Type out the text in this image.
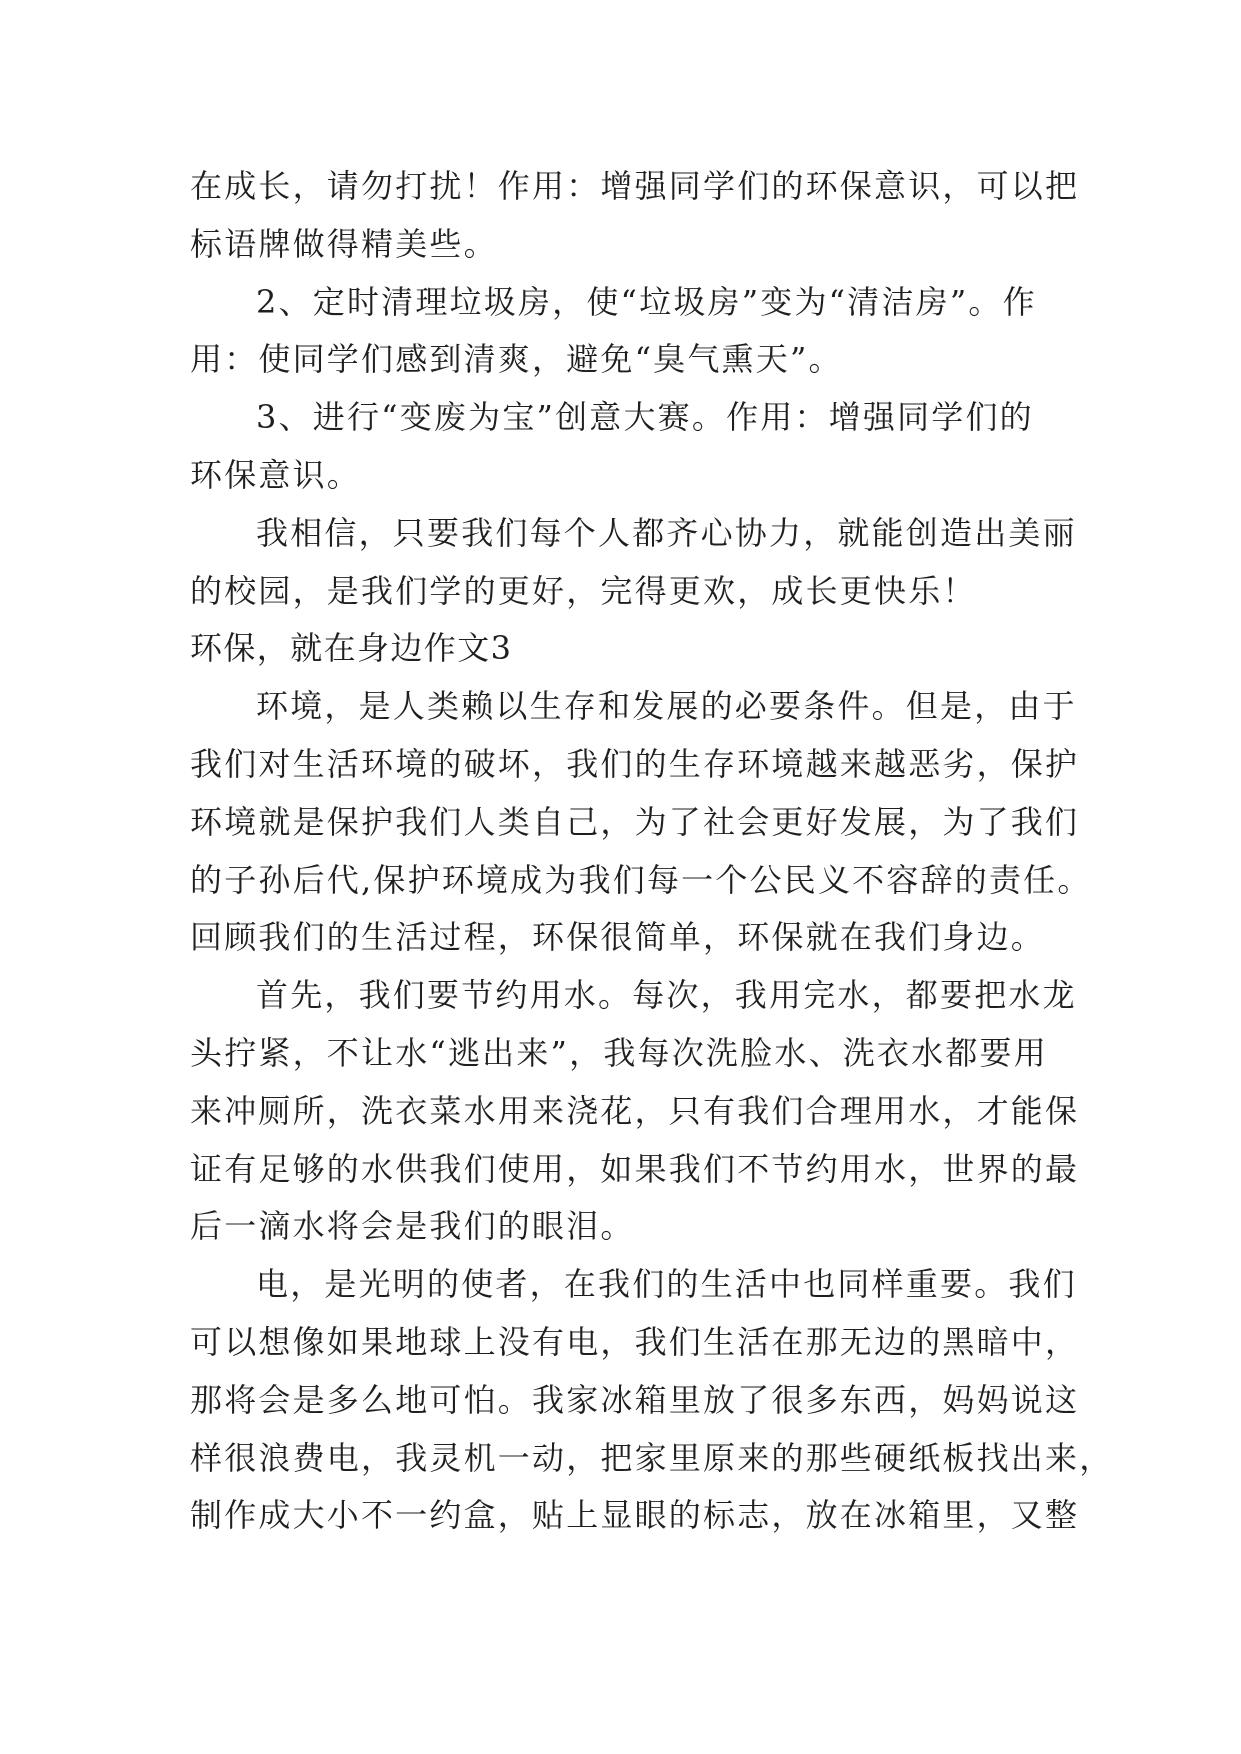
在成长，请勿打扰！作用：增强同学们的环保意识，可以把
标语牌做得精美些。
2、定时清理垃圾房，使“垃圾房”变为“清洁房”。作
用：使同学们感到清爽，避免“臭气熏天”。
3、进行“变废为宝”创意大赛。作用：增强同学们的
环保意识。
我相信，只要我们每个人都齐心协力，就能创造出美丽
的校园，是我们学的更好，完得更欢，成长更快乐！
环保，就在身边作文3
环境，是人类赖以生存和发展的必要条件。但是，由于
我们对生活环境的破坏，我们的生存环境越来越恶劣，保护
环境就是保护我们人类自己，为了社会更好发展，为了我们
的子孙后代,保护环境成为我们每一个公民义不容辞的责任。
回顾我们的生活过程，环保很简单，环保就在我们身边。
首先，我们要节约用水。每次，我用完水，都要把水龙
头拧紧，不让水“逃出来”，我每次洗脸水、洗衣水都要用
来冲厕所，洗衣菜水用来浇花，只有我们合理用水，才能保
证有足够的水供我们使用，如果我们不节约用水，世界的最
后一滴水将会是我们的眼泪。
电，是光明的使者，在我们的生活中也同样重要。我们
可以想像如果地球上没有电，我们生活在那无边的黑暗中，
那将会是多么地可怕。我家冰箱里放了很多东西，妈妈说这
样很浪费电，我灵机一动，把家里原来的那些硬纸板找出来，
制作成大小不一约盒，贴上显眼的标志，放在冰箱里，又整
